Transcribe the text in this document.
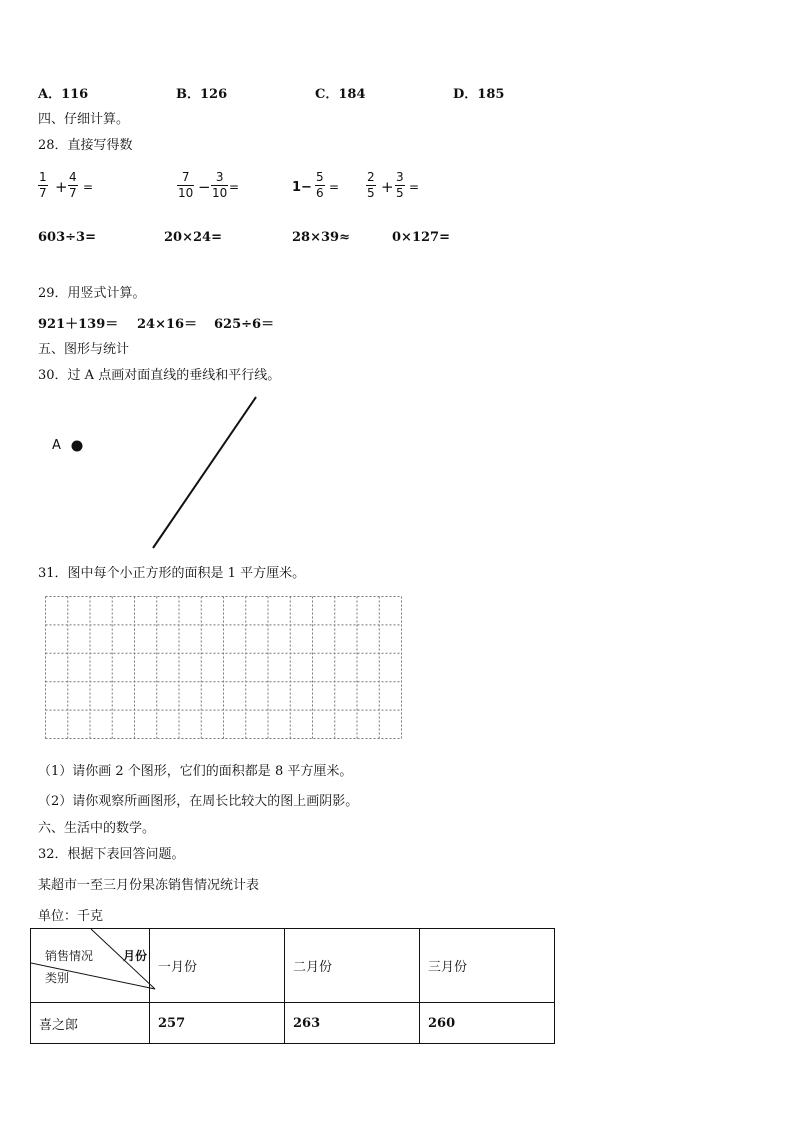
A．116	B．126	C．184	D．185
四、仔细计算。
28．直接写得数
$\frac{1}{7} + \frac{4}{7}$ =	$\frac{7}{10} - \frac{3}{10}$ =	$1- \frac{5}{6} = \frac{2}{5} + \frac{3}{5}$ =
603÷3=	20×24=	28×39≈	0×127=
29．用竖式计算。
921＋139＝ 24×16＝ 625÷6＝
五、图形与统计
30．过 A 点画对面直线的垂线和平行线。
A
31．图中每个小正方形的面积是 1 平方厘米。
（1）请你画 2 个图形，它们的面积都是 8 平方厘米。
（2）请你观察所画图形，在周长比较大的图上画阴影。
六、生活中的数学。
32．根据下表回答问题。
某超市一至三月份果冻销售情况统计表
单位：千克
月份
销售情况
类别	一月份	二月份	三月份
喜之郎	257	263	260
